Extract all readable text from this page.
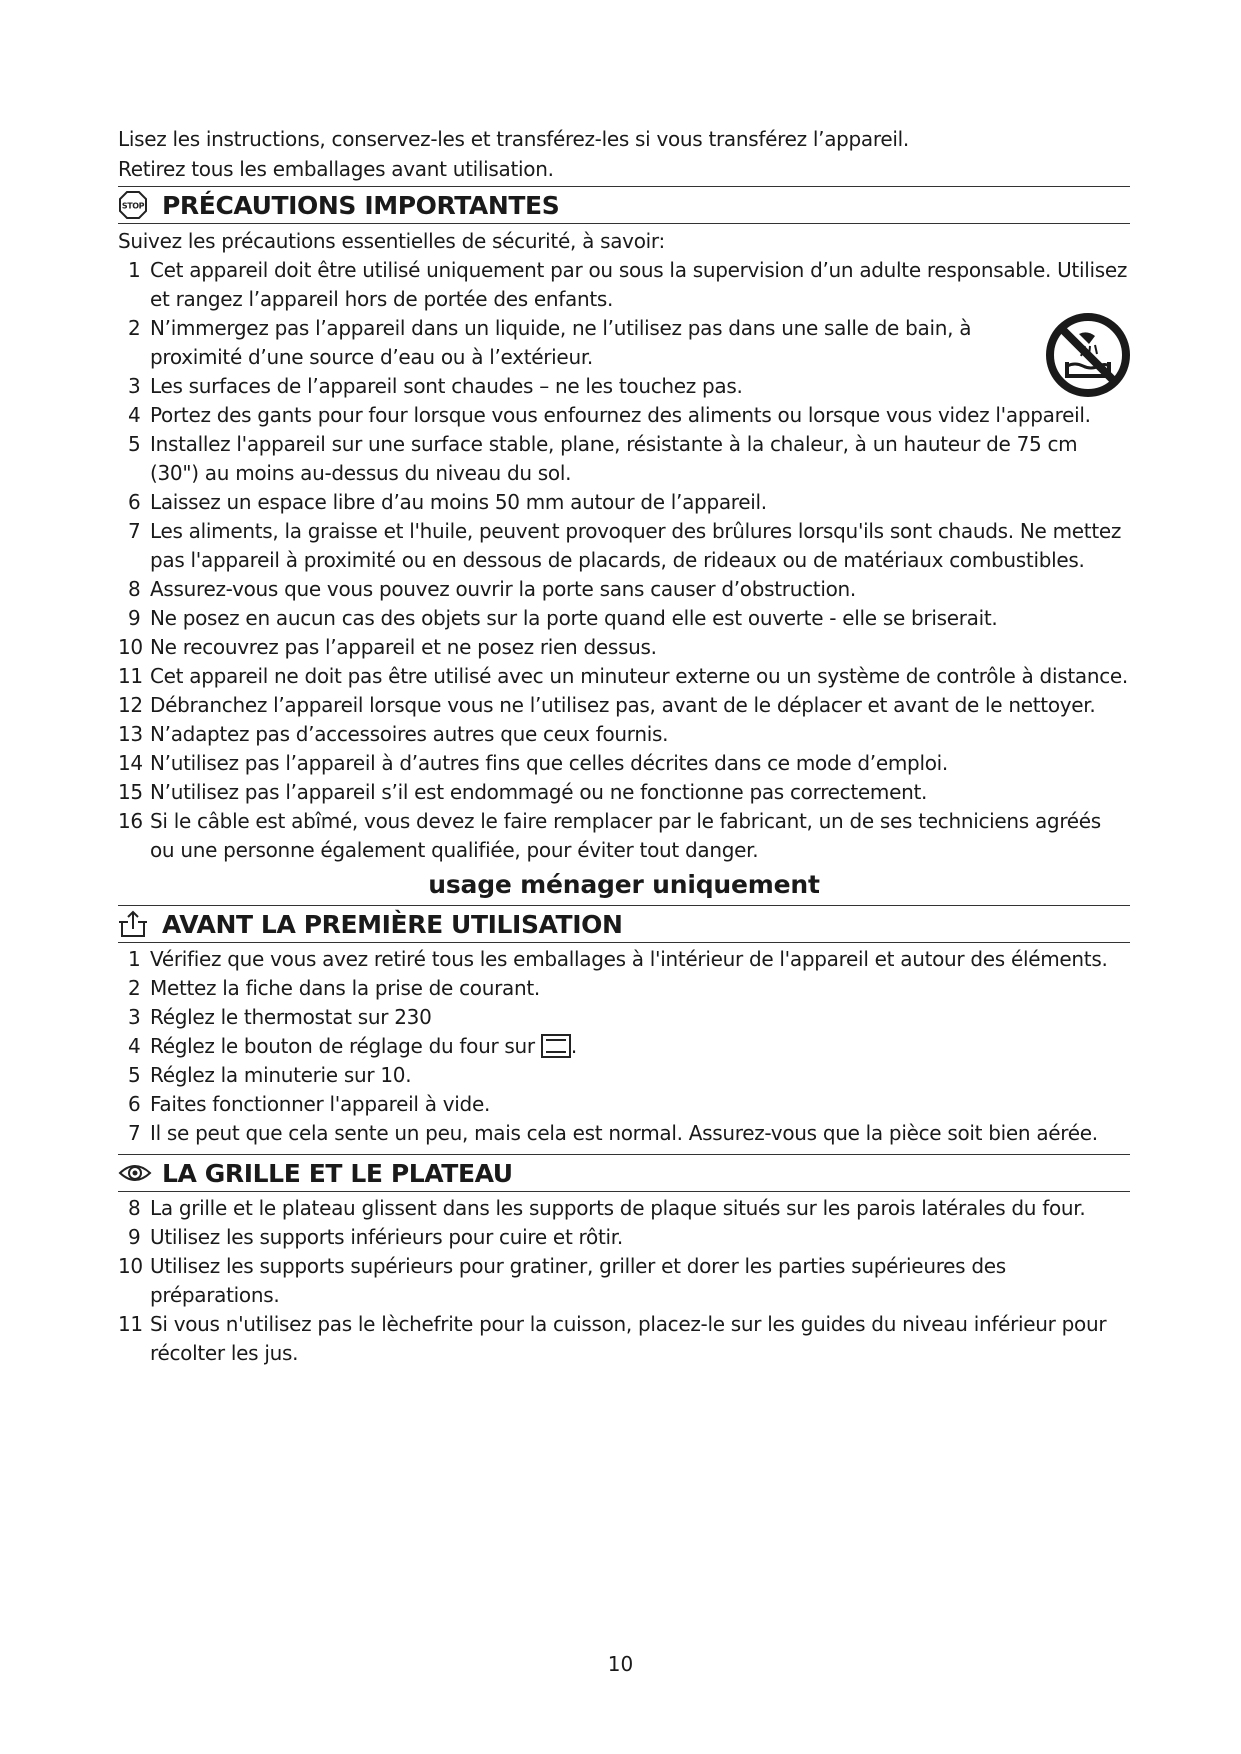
Lisez les instructions, conservez-les et transférez-les si vous transférez l’appareil.

Retirez tous les emballages avant utilisation.

STOP PRÉCAUTIONS IMPORTANTES

Suivez les précautions essentielles de sécurité, à savoir:

1 Cet appareil doit être utilisé uniquement par ou sous la supervision d’un adulte responsable. Utilisez et rangez l’appareil hors de portée des enfants.
2 N’immergez pas l’appareil dans un liquide, ne l’utilisez pas dans une salle de bain, à proximité d’une source d’eau ou à l’extérieur.
3 Les surfaces de l’appareil sont chaudes – ne les touchez pas.
4 Portez des gants pour four lorsque vous enfournez des aliments ou lorsque vous videz l'appareil.
5 Installez l'appareil sur une surface stable, plane, résistante à la chaleur, à un hauteur de 75 cm (30") au moins au-dessus du niveau du sol.
6 Laissez un espace libre d’au moins 50 mm autour de l’appareil.
7 Les aliments, la graisse et l'huile, peuvent provoquer des brûlures lorsqu'ils sont chauds. Ne mettez pas l'appareil à proximité ou en dessous de placards, de rideaux ou de matériaux combustibles.
8 Assurez-vous que vous pouvez ouvrir la porte sans causer d’obstruction.
9 Ne posez en aucun cas des objets sur la porte quand elle est ouverte - elle se briserait.
10 Ne recouvrez pas l’appareil et ne posez rien dessus.
11 Cet appareil ne doit pas être utilisé avec un minuteur externe ou un système de contrôle à distance.
12 Débranchez l’appareil lorsque vous ne l’utilisez pas, avant de le déplacer et avant de le nettoyer.
13 N’adaptez pas d’accessoires autres que ceux fournis.
14 N’utilisez pas l’appareil à d’autres fins que celles décrites dans ce mode d’emploi.
15 N’utilisez pas l’appareil s’il est endommagé ou ne fonctionne pas correctement.
16 Si le câble est abîmé, vous devez le faire remplacer par le fabricant, un de ses techniciens agréés ou une personne également qualifiée, pour éviter tout danger.
usage ménager uniquement
AVANT LA PREMIÈRE UTILISATION
1 Vérifiez que vous avez retiré tous les emballages à l'intérieur de l'appareil et autour des éléments.
2 Mettez la fiche dans la prise de courant.
3 Réglez le thermostat sur 230
4 Réglez le bouton de réglage du four sur .
5 Réglez la minuterie sur 10.
6 Faites fonctionner l'appareil à vide.
7 Il se peut que cela sente un peu, mais cela est normal. Assurez-vous que la pièce soit bien aérée.
LA GRILLE ET LE PLATEAU
8 La grille et le plateau glissent dans les supports de plaque situés sur les parois latérales du four.
9 Utilisez les supports inférieurs pour cuire et rôtir.
10 Utilisez les supports supérieurs pour gratiner, griller et dorer les parties supérieures des préparations.
11 Si vous n'utilisez pas le lèchefrite pour la cuisson, placez-le sur les guides du niveau inférieur pour récolter les jus.
10
